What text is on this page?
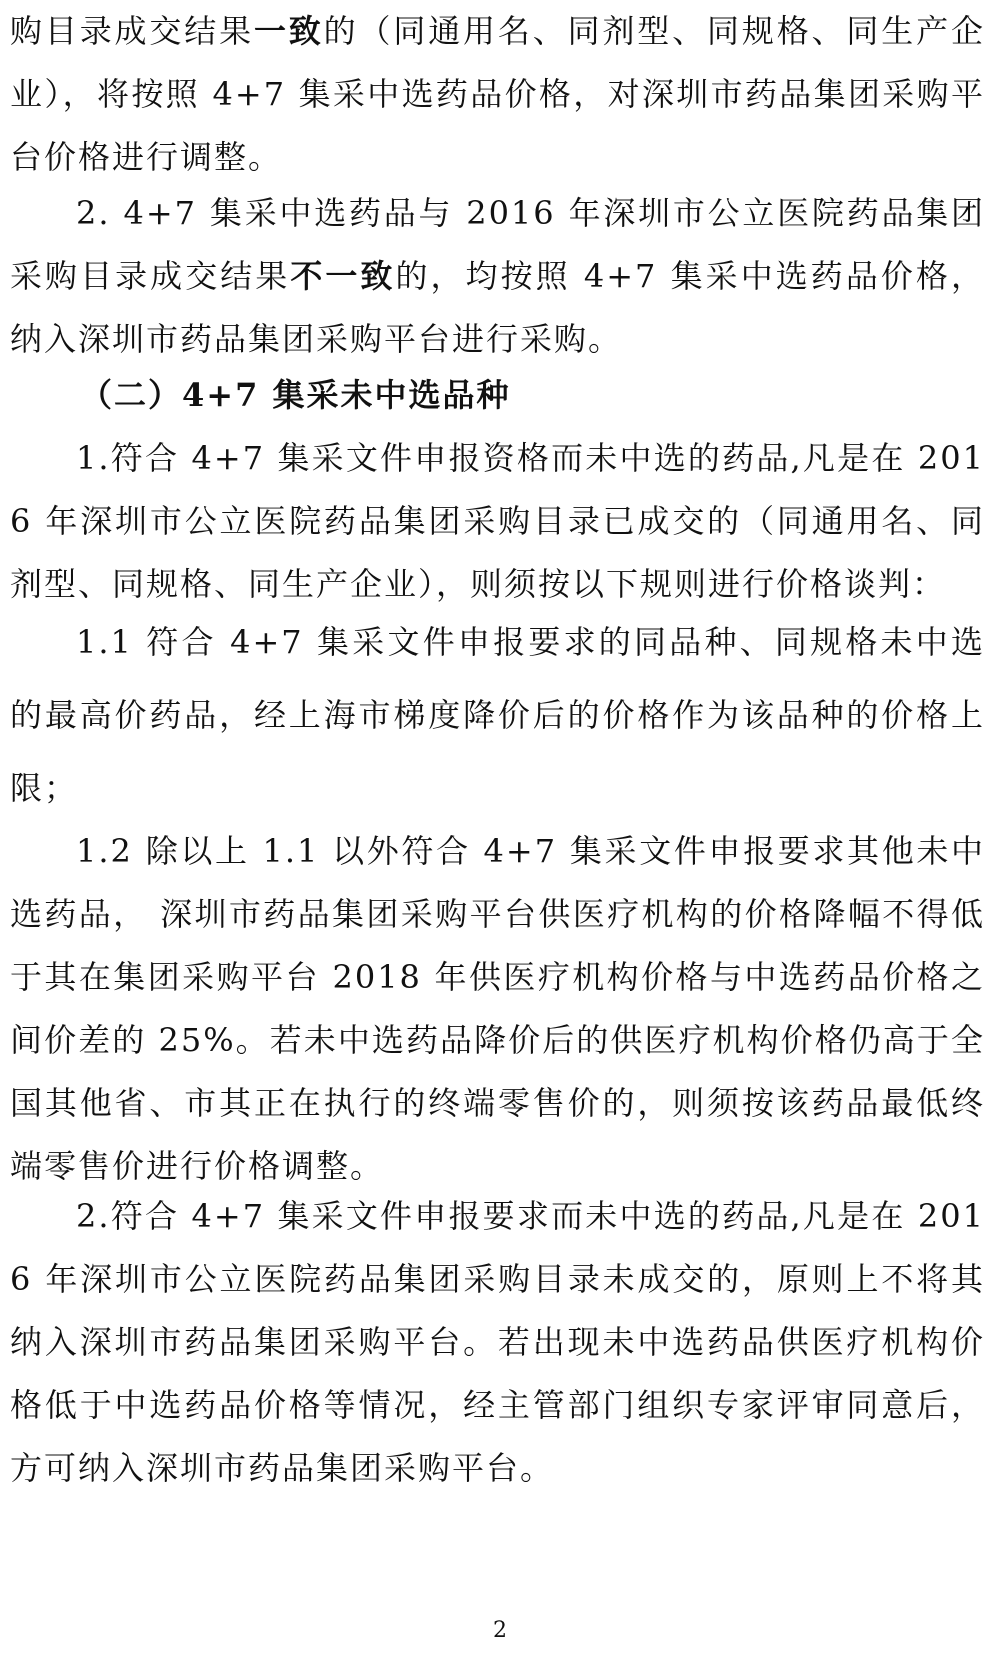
购目录成交结果一致的（同通用名、同剂型、同规格、同生产企业），将按照 4+7 集采中选药品价格，对深圳市药品集团采购平台价格进行调整。

2. 4+7 集采中选药品与 2016 年深圳市公立医院药品集团采购目录成交结果不一致的，均按照 4+7 集采中选药品价格，纳入深圳市药品集团采购平台进行采购。

（二）4+7 集采未中选品种

1.符合 4+7 集采文件申报资格而未中选的药品,凡是在 2016 年深圳市公立医院药品集团采购目录已成交的（同通用名、同剂型、同规格、同生产企业），则须按以下规则进行价格谈判：

1.1 符合 4+7 集采文件申报要求的同品种、同规格未中选的最高价药品，经上海市梯度降价后的价格作为该品种的价格上限；

1.2 除以上 1.1 以外符合 4+7 集采文件申报要求其他未中选药品， 深圳市药品集团采购平台供医疗机构的价格降幅不得低于其在集团采购平台 2018 年供医疗机构价格与中选药品价格之间价差的 25%。若未中选药品降价后的供医疗机构价格仍高于全国其他省、市其正在执行的终端零售价的，则须按该药品最低终端零售价进行价格调整。

2.符合 4+7 集采文件申报要求而未中选的药品,凡是在 2016 年深圳市公立医院药品集团采购目录未成交的，原则上不将其纳入深圳市药品集团采购平台。若出现未中选药品供医疗机构价格低于中选药品价格等情况，经主管部门组织专家评审同意后，方可纳入深圳市药品集团采购平台。

2
